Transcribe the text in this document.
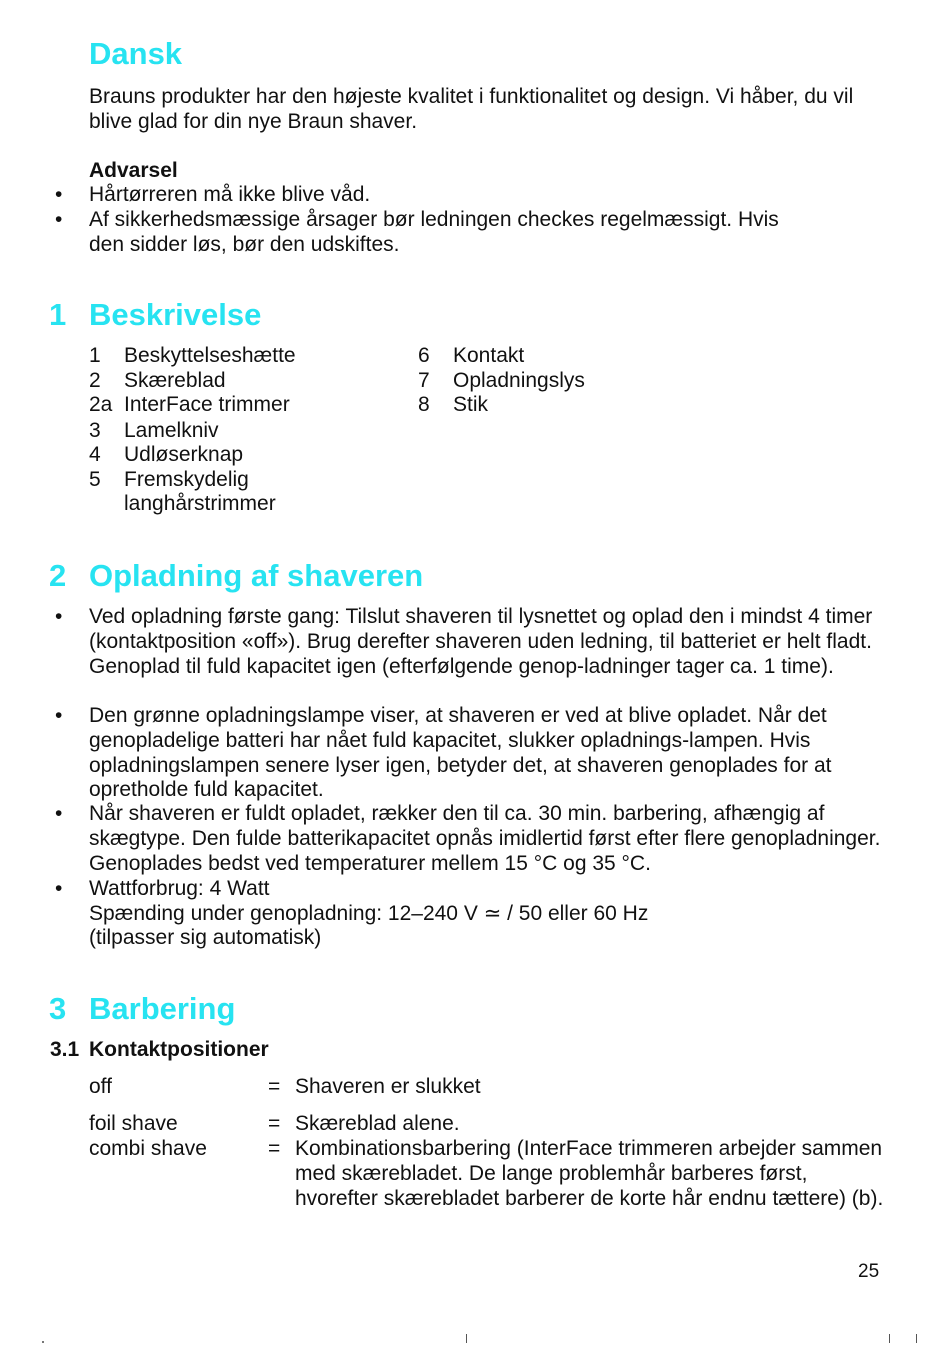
Dansk

Brauns produkter har den højeste kvalitet i funktionalitet og design. Vi håber, du vil blive glad for din nye Braun shaver.

Advarsel

• Hårtørreren må ikke blive våd.

• Af sikkerhedsmæssige årsager bør ledningen checkes regelmæssigt. Hvis den sidder løs, bør den udskiftes.

1 Beskrivelse
1 Beskyttelseshætte
2 Skæreblad
2a InterFace trimmer
3 Lamelkniv
4 Udløserknap
5 Fremskydelig
langhårstrimmer
6 Kontakt
7 Opladningslys
8 Stik
2 Opladning af shaveren
• Ved opladning første gang: Tilslut shaveren til lysnettet og oplad den i mindst 4 timer (kontaktposition «off»). Brug derefter shaveren uden ledning, til batteriet er helt fladt. Genoplad til fuld kapacitet igen (efterfølgende genop-ladninger tager ca. 1 time).

• Den grønne opladningslampe viser, at shaveren er ved at blive opladet. Når det genopladelige batteri har nået fuld kapacitet, slukker opladnings-lampen. Hvis opladningslampen senere lyser igen, betyder det, at shaveren genoplades for at opretholde fuld kapacitet.

• Når shaveren er fuldt opladet, rækker den til ca. 30 min. barbering, afhængig af skægtype. Den fulde batterikapacitet opnås imidlertid først efter flere genopladninger. Genoplades bedst ved temperaturer mellem 15 °C og 35 °C.

• Wattforbrug: 4 Watt

Spænding under genopladning: 12–240 V ≃ / 50 eller 60 Hz

(tilpasser sig automatisk)

3 Barbering

3.1 Kontaktpositioner

off	= Shaveren er slukket
foil shave	= Skæreblad alene.
combi shave	= Kombinationsbarbering (InterFace trimmeren arbejder sammen med skærebladet. De lange problemhår barberes først, hvorefter skærebladet barberer de korte hår endnu tættere) (b).
25
